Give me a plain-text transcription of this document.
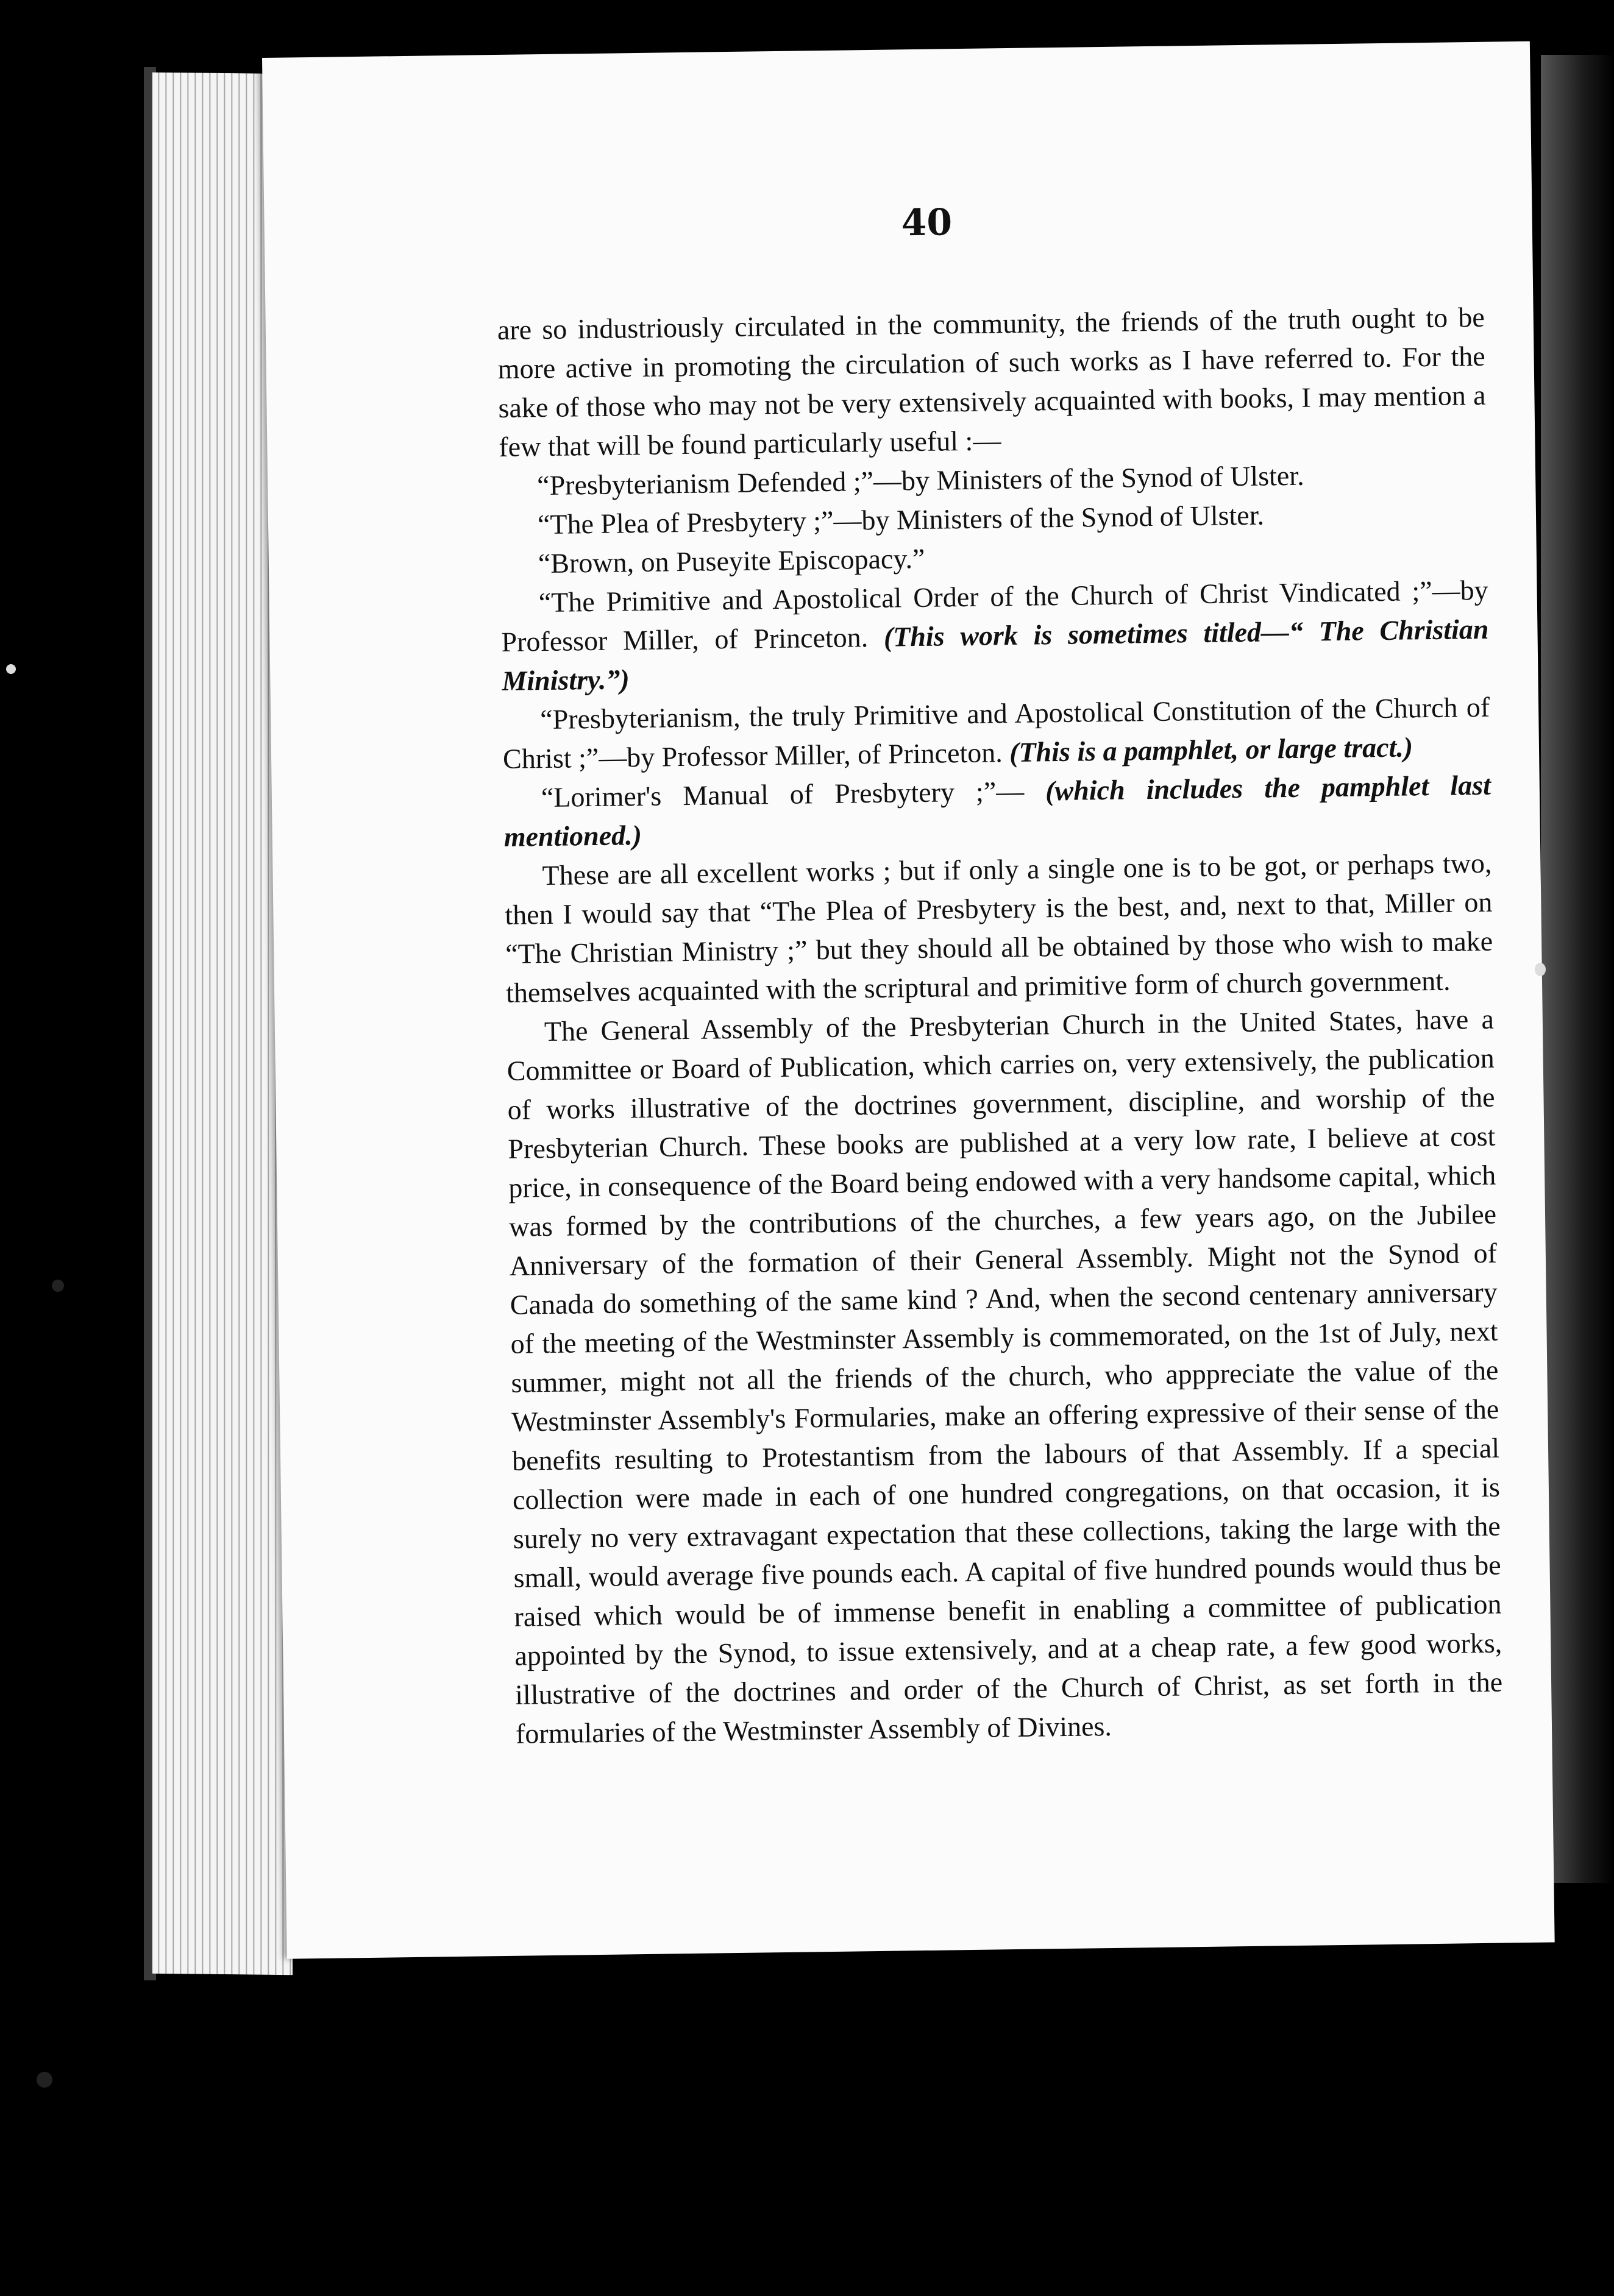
40

are so industriously circulated in the community, the friends of the truth ought to be more active in promoting the circulation of such works as I have referred to. For the sake of those who may not be very extensively acquainted with books, I may mention a few that will be found particularly useful :—

“Presbyterianism Defended ;”—by Ministers of the Synod of Ulster.

“The Plea of Presbytery ;”—by Ministers of the Synod of Ulster.

“Brown, on Puseyite Episcopacy.”

“The Primitive and Apostolical Order of the Church of Christ Vindicated ;”—by Professor Miller, of Princeton. (This work is sometimes titled—“ The Christian Ministry.”)

“Presbyterianism, the truly Primitive and Apostolical Constitution of the Church of Christ ;”—by Professor Miller, of Princeton. (This is a pamphlet, or large tract.)

“Lorimer's Manual of Presbytery ;”— (which includes the pamphlet last mentioned.)

These are all excellent works ; but if only a single one is to be got, or perhaps two, then I would say that “The Plea of Presbytery is the best, and, next to that, Miller on “The Christian Ministry ;” but they should all be obtained by those who wish to make themselves acquainted with the scriptural and primitive form of church government.

The General Assembly of the Presbyterian Church in the United States, have a Committee or Board of Publication, which carries on, very extensively, the publication of works illustrative of the doctrines government, discipline, and worship of the Presbyterian Church. These books are published at a very low rate, I believe at cost price, in consequence of the Board being endowed with a very handsome capital, which was formed by the contributions of the churches, a few years ago, on the Jubilee Anniversary of the formation of their General Assembly. Might not the Synod of Canada do something of the same kind ? And, when the second centenary anniversary of the meeting of the Westminster Assembly is commemorated, on the 1st of July, next summer, might not all the friends of the church, who apppreciate the value of the Westminster Assembly's Formularies, make an offering expressive of their sense of the benefits resulting to Protestantism from the labours of that Assembly. If a special collection were made in each of one hundred congregations, on that occasion, it is surely no very extravagant expectation that these collections, taking the large with the small, would average five pounds each. A capital of five hundred pounds would thus be raised which would be of immense benefit in enabling a committee of publication appointed by the Synod, to issue extensively, and at a cheap rate, a few good works, illustrative of the doctrines and order of the Church of Christ, as set forth in the formularies of the Westminster Assembly of Divines.
